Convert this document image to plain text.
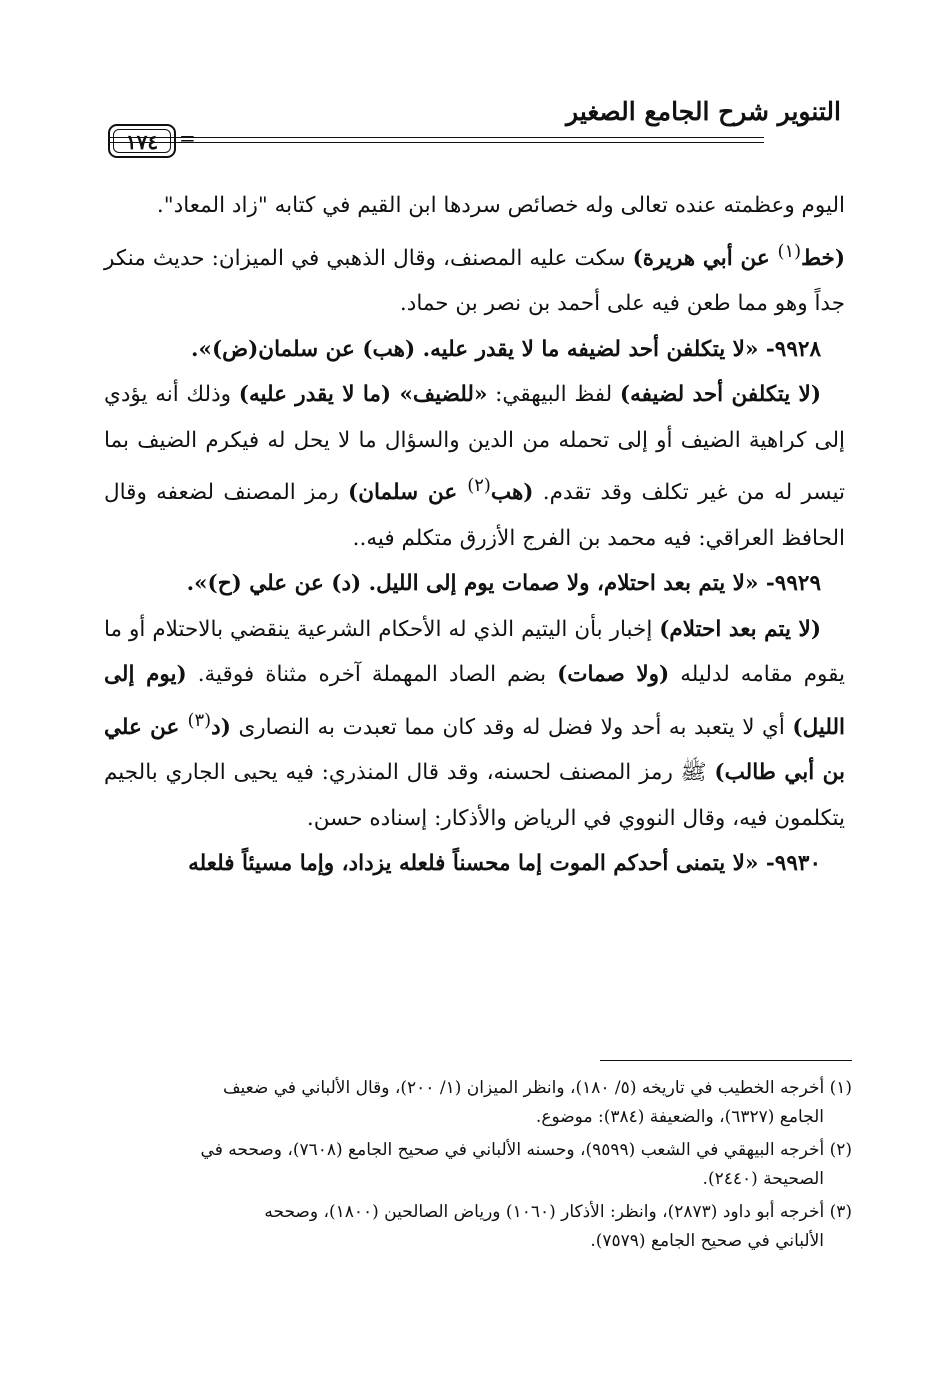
التنوير شرح الجامع الصغير
١٧٤	=

اليوم وعظمته عنده تعالى وله خصائص سردها ابن القيم في كتابه "زاد المعاد".

(خط$^{(١)}$ عن أبي هريرة) سكت عليه المصنف، وقال الذهبي في الميزان: حديث منكر جداً وهو مما طعن فيه على أحمد بن نصر بن حماد.

٩٩٢٨- «لا يتكلفن أحد لضيفه ما لا يقدر عليه. (هب) عن سلمان(ض)».

(لا يتكلفن أحد لضيفه) لفظ البيهقي: «للضيف» (ما لا يقدر عليه) وذلك أنه يؤدي إلى كراهية الضيف أو إلى تحمله من الدين والسؤال ما لا يحل له فيكرم الضيف بما تيسر له من غير تكلف وقد تقدم. (هب$^{(٢)}$ عن سلمان) رمز المصنف لضعفه وقال الحافظ العراقي: فيه محمد بن الفرج الأزرق متكلم فيه..

٩٩٢٩- «لا يتم بعد احتلام، ولا صمات يوم إلى الليل. (د) عن علي (ح)».

(لا يتم بعد احتلام) إخبار بأن اليتيم الذي له الأحكام الشرعية ينقضي بالاحتلام أو ما يقوم مقامه لدليله (ولا صمات) بضم الصاد المهملة آخره مثناة فوقية. (يوم إلى الليل) أي لا يتعبد به أحد ولا فضل له وقد كان مما تعبدت به النصارى (د$^{(٣)}$ عن علي بن أبي طالب) ﷺ رمز المصنف لحسنه، وقد قال المنذري: فيه يحيى الجاري بالجيم يتكلمون فيه، وقال النووي في الرياض والأذكار: إسناده حسن.

٩٩٣٠- «لا يتمنى أحدكم الموت إما محسناً فلعله يزداد، وإما مسيئاً فلعله

(١) أخرجه الخطيب في تاريخه (٥/ ١٨٠)، وانظر الميزان (١/ ٢٠٠)، وقال الألباني في ضعيف
الجامع (٦٣٢٧)، والضعيفة (٣٨٤): موضوع.

(٢) أخرجه البيهقي في الشعب (٩٥٩٩)، وحسنه الألباني في صحيح الجامع (٧٦٠٨)، وصححه في
الصحيحة (٢٤٤٠).

(٣) أخرجه أبو داود (٢٨٧٣)، وانظر: الأذكار (١٠٦٠) ورياض الصالحين (١٨٠٠)، وصححه
الألباني في صحيح الجامع (٧٥٧٩).
